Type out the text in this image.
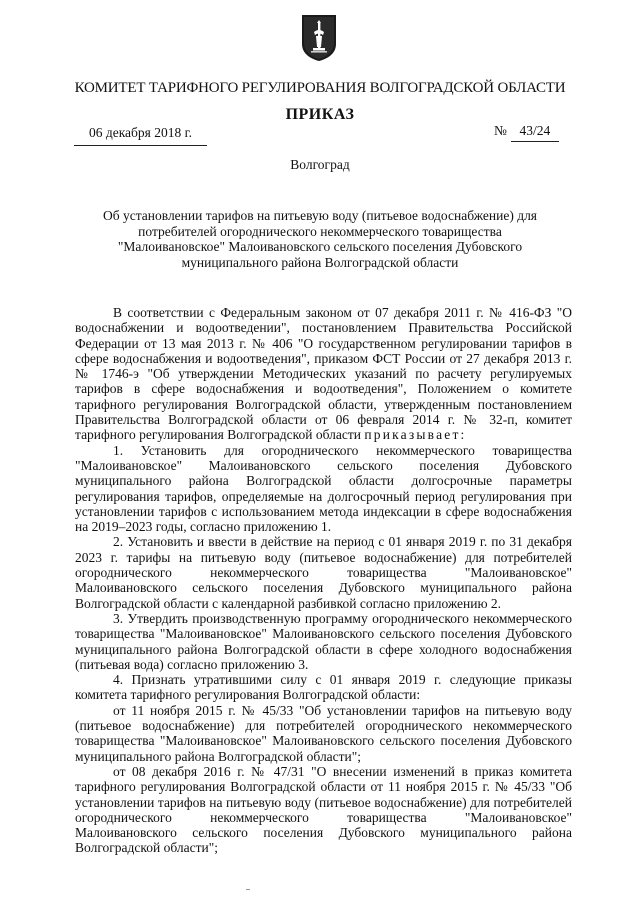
КОМИТЕТ ТАРИФНОГО РЕГУЛИРОВАНИЯ ВОЛГОГРАДСКОЙ ОБЛАСТИ
ПРИКАЗ
06 декабря 2018 г.	№ 43/24
Волгоград
Об установлении тарифов на питьевую воду (питьевое водоснабжение) для потребителей огороднического некоммерческого товарищества "Малоивановское" Малоивановского сельского поселения Дубовского муниципального района Волгоградской области

В соответствии с Федеральным законом от 07 декабря 2011 г. № 416-ФЗ "О водоснабжении и водоотведении", постановлением Правительства Российской Федерации от 13 мая 2013 г. № 406 "О государственном регулировании тарифов в сфере водоснабжения и водоотведения", приказом ФСТ России от 27 декабря 2013 г. № 1746-э "Об утверждении Методических указаний по расчету регулируемых тарифов в сфере водоснабжения и водоотведения", Положением о комитете тарифного регулирования Волгоградской области, утвержденным постановлением Правительства Волгоградской области от 06 февраля 2014 г. № 32-п, комитет тарифного регулирования Волгоградской области приказывает:

1. Установить для огороднического некоммерческого товарищества "Малоивановское" Малоивановского сельского поселения Дубовского муниципального района Волгоградской области долгосрочные параметры регулирования тарифов, определяемые на долгосрочный период регулирования при установлении тарифов с использованием метода индексации в сфере водоснабжения на 2019–2023 годы, согласно приложению 1.

2. Установить и ввести в действие на период с 01 января 2019 г. по 31 декабря 2023 г. тарифы на питьевую воду (питьевое водоснабжение) для потребителей огороднического некоммерческого товарищества "Малоивановское" Малоивановского сельского поселения Дубовского муниципального района Волгоградской области с календарной разбивкой согласно приложению 2.

3. Утвердить производственную программу огороднического некоммерческого товарищества "Малоивановское" Малоивановского сельского поселения Дубовского муниципального района Волгоградской области в сфере холодного водоснабжения (питьевая вода) согласно приложению 3.

4. Признать утратившими силу с 01 января 2019 г. следующие приказы комитета тарифного регулирования Волгоградской области:

от 11 ноября 2015 г. № 45/33 "Об установлении тарифов на питьевую воду (питьевое водоснабжение) для потребителей огороднического некоммерческого товарищества "Малоивановское" Малоивановского сельского поселения Дубовского муниципального района Волгоградской области";

от 08 декабря 2016 г. № 47/31 "О внесении изменений в приказ комитета тарифного регулирования Волгоградской области от 11 ноября 2015 г. № 45/33 "Об установлении тарифов на питьевую воду (питьевое водоснабжение) для потребителей огороднического некоммерческого товарищества "Малоивановское" Малоивановского сельского поселения Дубовского муниципального района Волгоградской области";
